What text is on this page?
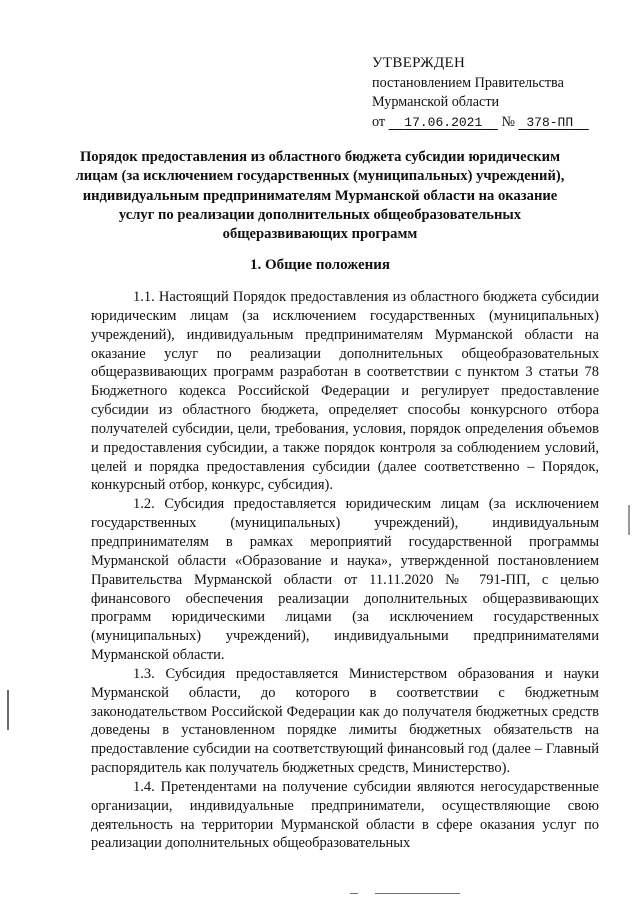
УТВЕРЖДЕН
постановлением Правительства
Мурманской области
от 17.06.2021 № 378-ПП
Порядок предоставления из областного бюджета субсидии юридическим лицам (за исключением государственных (муниципальных) учреждений), индивидуальным предпринимателям Мурманской области на оказание услуг по реализации дополнительных общеобразовательных общеразвивающих программ
1. Общие положения

1.1. Настоящий Порядок предоставления из областного бюджета субсидии юридическим лицам (за исключением государственных (муниципальных) учреждений), индивидуальным предпринимателям Мурманской области на оказание услуг по реализации дополнительных общеобразовательных общеразвивающих программ разработан в соответствии с пунктом 3 статьи 78 Бюджетного кодекса Российской Федерации и регулирует предоставление субсидии из областного бюджета, определяет способы конкурсного отбора получателей субсидии, цели, требования, условия, порядок определения объемов и предоставления субсидии, а также порядок контроля за соблюдением условий, целей и порядка предоставления субсидии (далее соответственно – Порядок, конкурсный отбор, конкурс, субсидия).

1.2. Субсидия предоставляется юридическим лицам (за исключением государственных (муниципальных) учреждений), индивидуальным предпринимателям в рамках мероприятий государственной программы Мурманской области «Образование и наука», утвержденной постановлением Правительства Мурманской области от 11.11.2020 № 791-ПП, с целью финансового обеспечения реализации дополнительных общеразвивающих программ юридическими лицами (за исключением государственных (муниципальных) учреждений), индивидуальными предпринимателями Мурманской области.

1.3. Субсидия предоставляется Министерством образования и науки Мурманской области, до которого в соответствии с бюджетным законодательством Российской Федерации как до получателя бюджетных средств доведены в установленном порядке лимиты бюджетных обязательств на предоставление субсидии на соответствующий финансовый год (далее – Главный распорядитель как получатель бюджетных средств, Министерство).

1.4. Претендентами на получение субсидии являются негосударственные организации, индивидуальные предприниматели, осуществляющие свою деятельность на территории Мурманской области в сфере оказания услуг по реализации дополнительных общеобразовательных
